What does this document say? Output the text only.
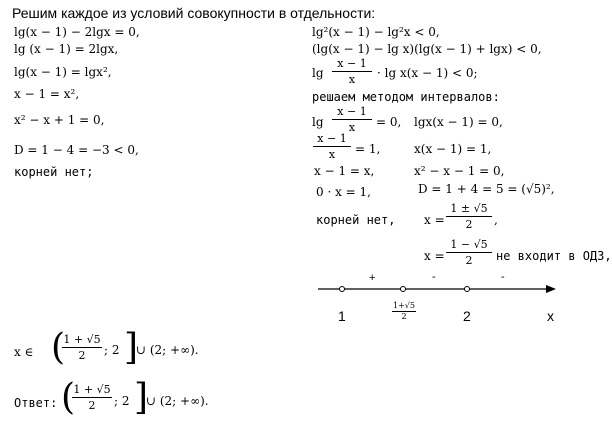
Решим каждое из условий совокупности в отдельности:
lg(x − 1) − 2lgx = 0,
lg (x − 1) = 2lgx,
lg(x − 1) = lgx²,
x − 1 = x²,
x² − x + 1 = 0,
D = 1 − 4 = −3 < 0,
корней нет;
lg²(x − 1) − lg²x < 0,
(lg(x − 1) − lg x)(lg(x − 1) + lgx) < 0,
lg
x − 1
x	· lg x(x − 1) < 0;
решаем методом интервалов:
lg
x − 1
x	= 0, lgx(x − 1) = 0,
x − 1
x	= 1,	x(x − 1) = 1,
x − 1 = x,	x² − x − 1 = 0,
0 · x = 1,	D = 1 + 4 = 5 = (√5)²,
корней нет, x =
1 ± √5
2	,
x =
1 − √5
2	не входит в ОДЗ,
+	-	-
1
1+√5
2	2	x
x ∈ (
1 + √5
2	; 2 ]
∪ (2; +∞).
Ответ: (
1 + √5
2	; 2 ]
∪ (2; +∞).
